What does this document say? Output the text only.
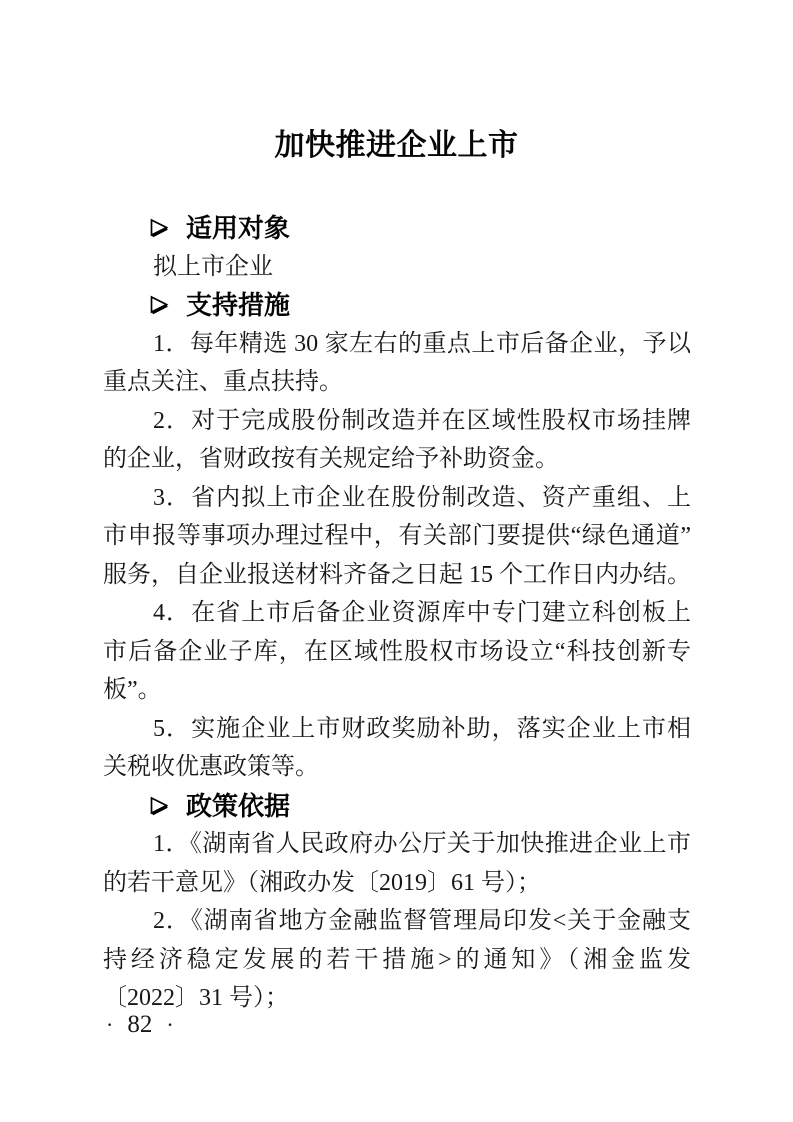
加快推进企业上市
适用对象

拟上市企业

支持措施

1．每年精选 30 家左右的重点上市后备企业，予以重点关注、重点扶持。

2．对于完成股份制改造并在区域性股权市场挂牌的企业，省财政按有关规定给予补助资金。

3．省内拟上市企业在股份制改造、资产重组、上市申报等事项办理过程中，有关部门要提供“绿色通道”服务，自企业报送材料齐备之日起 15 个工作日内办结。

4．在省上市后备企业资源库中专门建立科创板上市后备企业子库，在区域性股权市场设立“科技创新专板”。

5．实施企业上市财政奖励补助，落实企业上市相关税收优惠政策等。

政策依据

1．《湖南省人民政府办公厅关于加快推进企业上市的若干意见》（湘政办发〔2019〕61 号）；

2．《湖南省地方金融监督管理局印发<关于金融支持经济稳定发展的若干措施>的通知》（湘金监发〔2022〕31 号）；

· 82 ·
